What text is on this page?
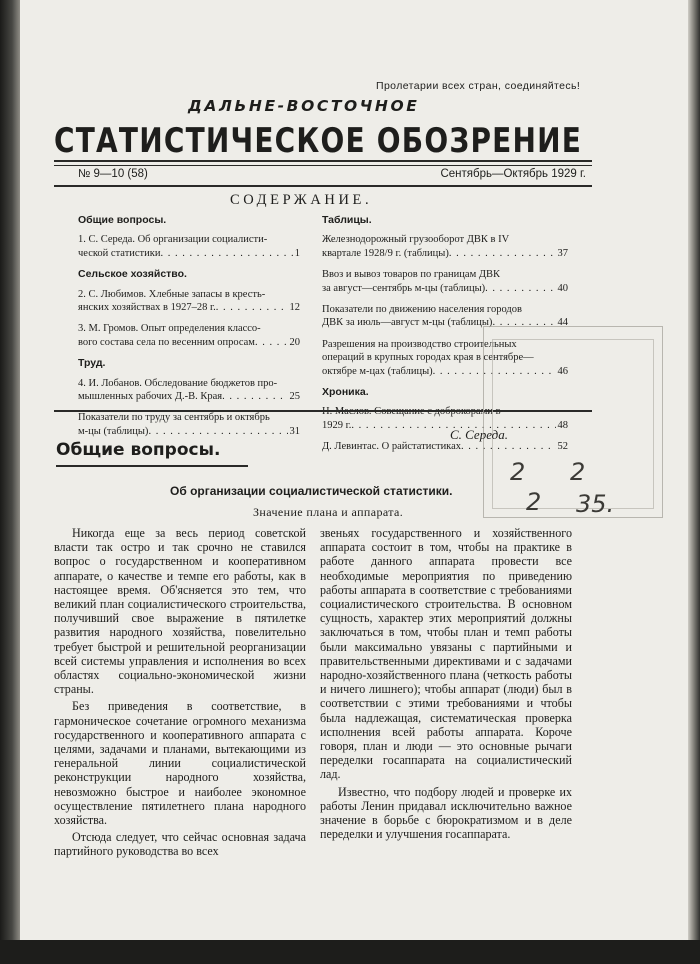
Пролетарии всех стран, соединяйтесь!
ДАЛЬНЕ-ВОСТОЧНОЕ
СТАТИСТИЧЕСКОЕ ОБОЗРЕНИЕ
№ 9—10 (58)	Сентябрь—Октябрь 1929 г.
СОДЕРЖАНИЕ.
Общие вопросы.
1. С. Середа. Об организации социалисти-
ческой статистики . . .	1
Сельское хозяйство.
2. С. Любимов. Хлебные запасы в кресть-
янских хозяйствах в 1927–28 г. . . .	12
3. М. Громов. Опыт определения классо-
вого состава села по весенним опросам . . .	20
Труд.
4. И. Лобанов. Обследование бюджетов про-
мышленных рабочих Д.-В. Края . . .	25
Показатели по труду за сентябрь и октябрь
м-цы (таблицы) . . .	31
Таблицы.
Железнодорожный грузооборот ДВК в IV
квартале 1928/9 г. (таблицы) . . .	37
Ввоз и вывоз товаров по границам ДВК
за август—сентябрь м-цы (таблицы) . . .	40
Показатели по движению населения городов
ДВК за июль—август м-цы (таблицы) . . .	44
Разрешения на производство строительных
операций в крупных городах края в сентябре—
октябре м-цах (таблицы) . . .	46
Хроника.
Н. Маслов. Совещание с доброкорами в
1929 г. . . .	48
Д. Левинтас. О райстатистиках . . .	52
2 2
2 35.
С. Середа.
Общие вопросы.
Об организации социалистической статистики.
Значение плана и аппарата.

Никогда еще за весь период советской власти так остро и так срочно не ставился вопрос о государственном и кооперативном аппарате, о качестве и темпе его работы, как в настоящее время. Об'ясняется это тем, что великий план социалистического строительства, получивший свое выражение в пятилетке развития народного хозяйства, повелительно требует быстрой и решительной реорганизации всей системы управления и исполнения во всех областях социально-экономической жизни страны.

Без приведения в соответствие, в гармоническое сочетание огромного механизма государственного и кооперативного аппарата с целями, задачами и планами, вытекающими из генеральной линии социалистической реконструкции народного хозяйства, невозможно быстрое и наиболее экономное осуществление пятилетнего плана народного хозяйства.

Отсюда следует, что сейчас основная задача партийного руководства во всех

звеньях государственного и хозяйственного аппарата состоит в том, чтобы на практике в работе данного аппарата провести все необходимые мероприятия по приведению работы аппарата в соответствие с требованиями социалистического строительства. В основном сущность, характер этих мероприятий должны заключаться в том, чтобы план и темп работы были максимально увязаны с партийными и правительственными директивами и с задачами народно-хозяйственного плана (четкость работы и ничего лишнего); чтобы аппарат (люди) был в соответствии с этими требованиями и чтобы была надлежащая, систематическая проверка исполнения всей работы аппарата. Короче говоря, план и люди — это основные рычаги переделки госаппарата на социалистический лад.

Известно, что подбору людей и проверке их работы Ленин придавал исключительно важное значение в борьбе с бюрократизмом и в деле переделки и улучшения госаппарата.
